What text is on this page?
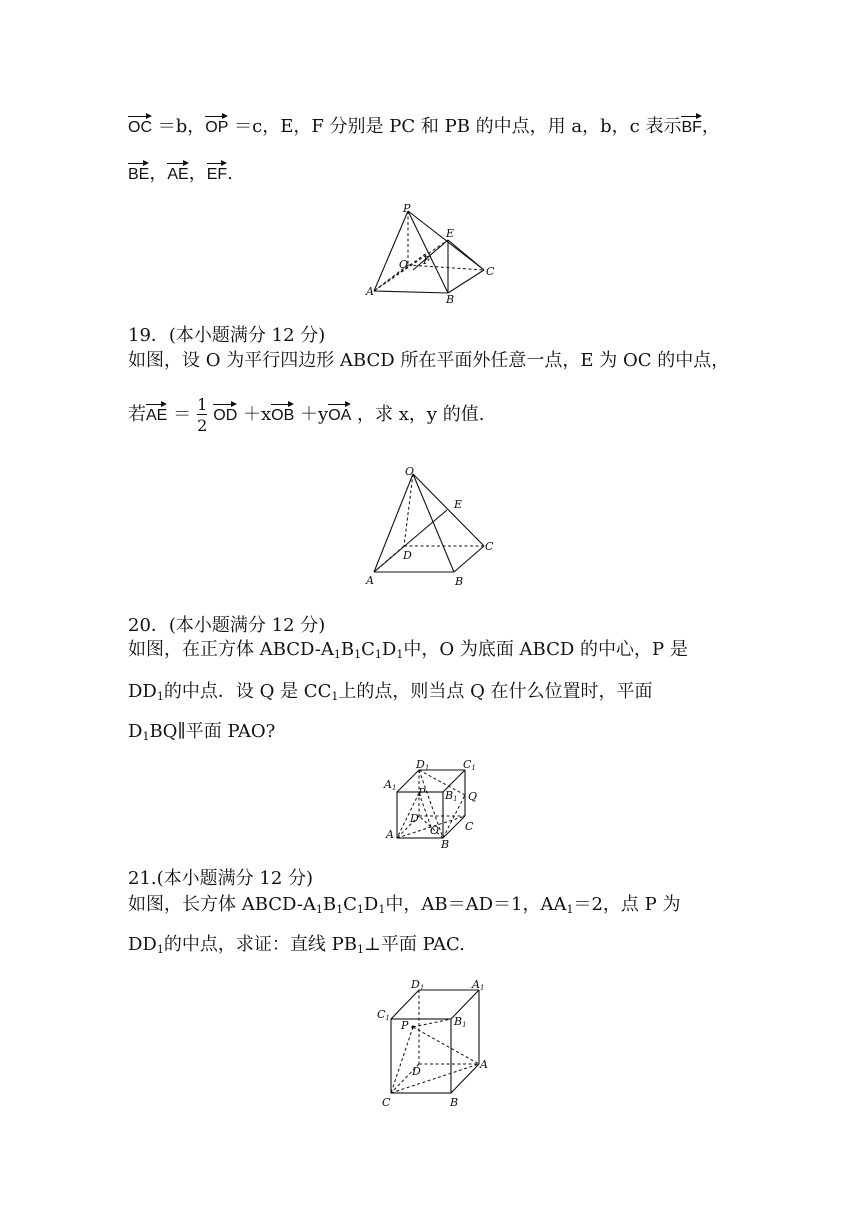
OC ＝b，OP ＝c，E，F 分别是 PC 和 PB 的中点，用 a，b，c 表示BF，
BE，AE，EF.
P
E
O F
C
A
B
19．(本小题满分 12 分)
如图，设 O 为平行四边形 ABCD 所在平面外任意一点，E 为 OC 的中点，
若AE ＝ $\frac{1}{2}$ OD ＋xOB ＋yOA ，求 x，y 的值.
O
E
D
C
A	B
20．(本小题满分 12 分)
如图，在正方体 ABCD-$A_1B_1C_1D_1$中，O 为底面 ABCD 的中心，P 是
$DD_1$的中点．设 Q 是 $CC_1$上的点，则当点 Q 在什么位置时，平面
$D_1BQ\parallel$平面 PAO?
D1	C1
A1 P B1 Q
D
C
A	O
B
21.(本小题满分 12 分)
如图，长方体 ABCD-$A_1B_1C_1D_1$中，AB＝AD＝1，$AA_1=2$，点 P 为
$DD_1$的中点，求证：直线 $PB_1\perp$平面 PAC.
D1	A1
C1
P	B1
A
D
C	B
